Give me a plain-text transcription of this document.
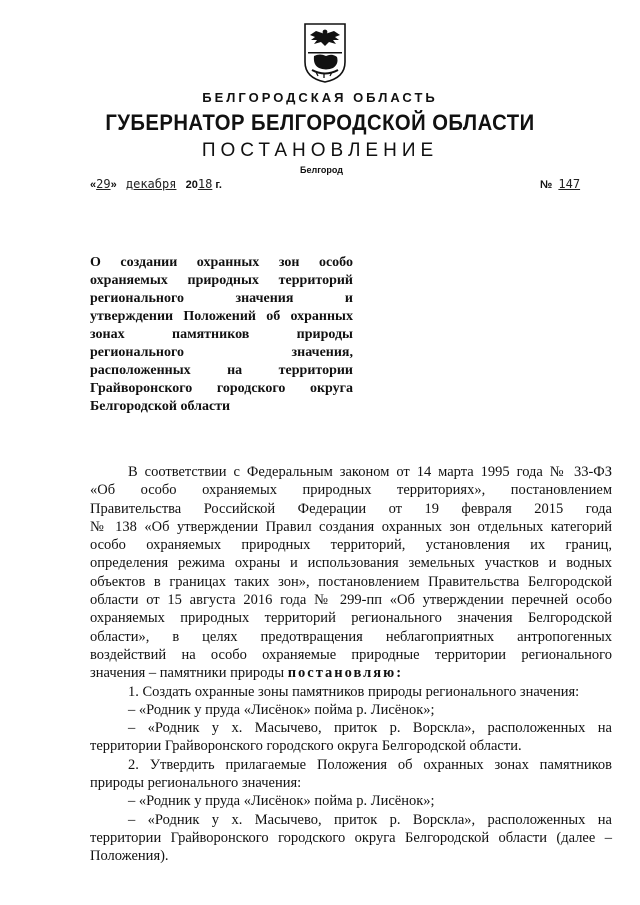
БЕЛГОРОДСКАЯ ОБЛАСТЬ
ГУБЕРНАТОР БЕЛГОРОДСКОЙ ОБЛАСТИ
ПОСТАНОВЛЕНИЕ
Белгород
«29» декабря 2018 г.	№ 147
О создании охранных зон особо
охраняемых природных территорий
регионального значения и
утверждении Положений об охранных
зонах памятников природы
регионального значения,
расположенных на территории
Грайворонского городского округа
Белгородской области
В соответствии с Федеральным законом от 14 марта 1995 года № 33-ФЗ
«Об особо охраняемых природных территориях», постановлением
Правительства Российской Федерации от 19 февраля 2015 года
№ 138 «Об утверждении Правил создания охранных зон отдельных категорий
особо охраняемых природных территорий, установления их границ,
определения режима охраны и использования земельных участков и водных
объектов в границах таких зон», постановлением Правительства Белгородской
области от 15 августа 2016 года № 299-пп «Об утверждении перечней особо
охраняемых природных территорий регионального значения Белгородской
области», в целях предотвращения неблагоприятных антропогенных
воздействий на особо охраняемые природные территории регионального
значения – памятники природы постановляю:
1. Создать охранные зоны памятников природы регионального значения:
– «Родник у пруда «Лисёнок» пойма р. Лисёнок»;
– «Родник у х. Масычево, приток р. Ворскла», расположенных на
территории Грайворонского городского округа Белгородской области.
2. Утвердить прилагаемые Положения об охранных зонах памятников
природы регионального значения:
– «Родник у пруда «Лисёнок» пойма р. Лисёнок»;
– «Родник у х. Масычево, приток р. Ворскла», расположенных на
территории Грайворонского городского округа Белгородской области (далее –
Положения).
